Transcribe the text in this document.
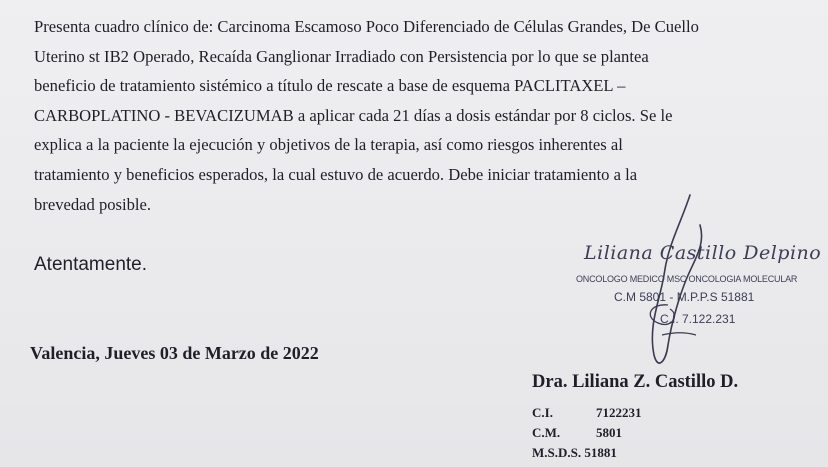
Presenta cuadro clínico de: Carcinoma Escamoso Poco Diferenciado de Células Grandes, De Cuello
Uterino st IB2 Operado, Recaída Ganglionar Irradiado con Persistencia por lo que se plantea
beneficio de tratamiento sistémico a título de rescate a base de esquema PACLITAXEL –
CARBOPLATINO - BEVACIZUMAB a aplicar cada 21 días a dosis estándar por 8 ciclos. Se le
explica a la paciente la ejecución y objetivos de la terapia, así como riesgos inherentes al
tratamiento y beneficios esperados, la cual estuvo de acuerdo. Debe iniciar tratamiento a la
brevedad posible.
Atentamente.
Liliana Castillo Delpino
ONCOLOGO MEDICO MSC ONCOLOGIA MOLECULAR
C.M 5801 - M.P.P.S 51881
C.I. 7.122.231
Valencia, Jueves 03 de Marzo de 2022
Dra. Liliana Z. Castillo D.
C.I.	7122231
C.M.	5801
M.S.D.S. 51881
